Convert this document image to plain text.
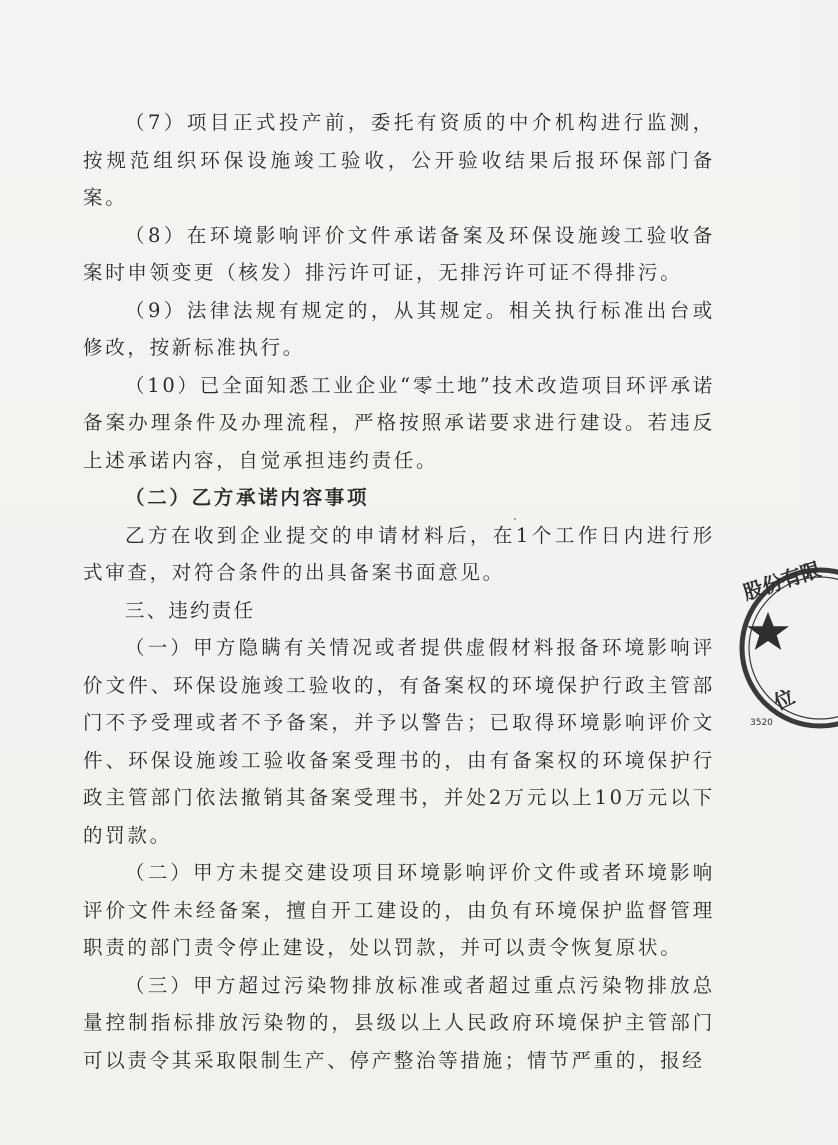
（7）项目正式投产前，委托有资质的中介机构进行监测，按规范组织环保设施竣工验收，公开验收结果后报环保部门备案。

（8）在环境影响评价文件承诺备案及环保设施竣工验收备案时申领变更（核发）排污许可证，无排污许可证不得排污。

（9）法律法规有规定的，从其规定。相关执行标准出台或修改，按新标准执行。

（10）已全面知悉工业企业“零土地”技术改造项目环评承诺备案办理条件及办理流程，严格按照承诺要求进行建设。若违反上述承诺内容，自觉承担违约责任。

（二）乙方承诺内容事项

乙方在收到企业提交的申请材料后，在1个工作日内进行形式审查，对符合条件的出具备案书面意见。

三、违约责任

（一）甲方隐瞒有关情况或者提供虚假材料报备环境影响评价文件、环保设施竣工验收的，有备案权的环境保护行政主管部门不予受理或者不予备案，并予以警告；已取得环境影响评价文件、环保设施竣工验收备案受理书的，由有备案权的环境保护行政主管部门依法撤销其备案受理书，并处2万元以上10万元以下的罚款。

（二）甲方未提交建设项目环境影响评价文件或者环境影响评价文件未经备案，擅自开工建设的，由负有环境保护监督管理职责的部门责令停止建设，处以罚款，并可以责令恢复原状。

（三）甲方超过污染物排放标准或者超过重点污染物排放总量控制指标排放污染物的，县级以上人民政府环境保护主管部门可以责令其采取限制生产、停产整治等措施；情节严重的，报经

股份有限
位
3520
